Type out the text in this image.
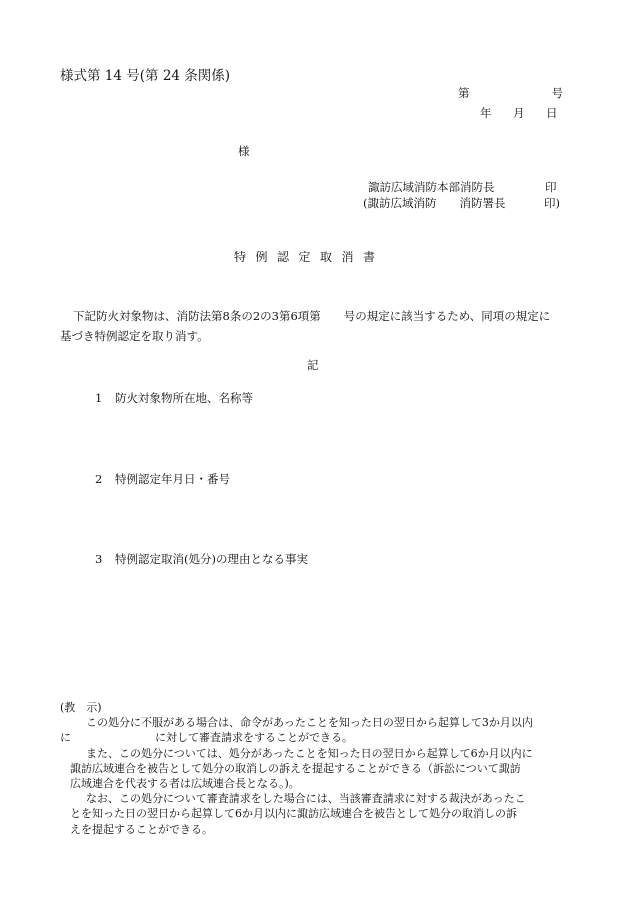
様式第 14 号(第 24 条関係)
第	号
年 月 日
様
諏訪広域消防本部消防長	印
(諏訪広域消防　　消防署長	印)
特例認定取消書
下記防火対象物は、消防法第8条の2の3第6項第　　号の規定に該当するため、同項の規定に
基づき特例認定を取り消す。
記
1 防火対象物所在地、名称等
2 特例認定年月日・番号
3 特例認定取消(処分)の理由となる事実
(教　示)
この処分に不服がある場合は、命令があったことを知った日の翌日から起算して3か月以内
に	に対して審査請求をすることができる。
また、この処分については、処分があったことを知った日の翌日から起算して6か月以内に
諏訪広域連合を被告として処分の取消しの訴えを提起することができる（訴訟について諏訪
広域連合を代表する者は広域連合長となる。)。
なお、この処分について審査請求をした場合には、当該審査請求に対する裁決があったこ
とを知った日の翌日から起算して6か月以内に諏訪広域連合を被告として処分の取消しの訴
えを提起することができる。
